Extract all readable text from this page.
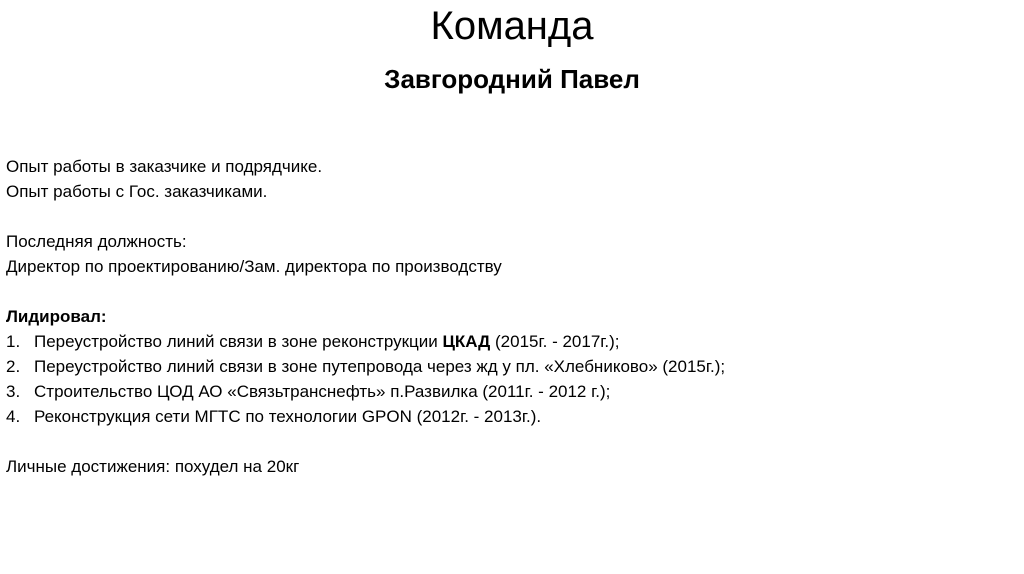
Команда
Завгородний Павел
Опыт работы в заказчике и подрядчике.
Опыт работы с Гос. заказчиками.
Последняя должность:
Директор по проектированию/Зам. директора по производству
Лидировал:
1. Переустройство линий связи в зоне реконструкции ЦКАД (2015г. - 2017г.);
2. Переустройство линий связи в зоне путепровода через жд у пл. «Хлебниково» (2015г.);
3. Строительство ЦОД АО «Связьтранснефть» п.Развилка (2011г. - 2012 г.);
4. Реконструкция сети МГТС по технологии GPON (2012г. - 2013г.).
Личные достижения: похудел на 20кг
